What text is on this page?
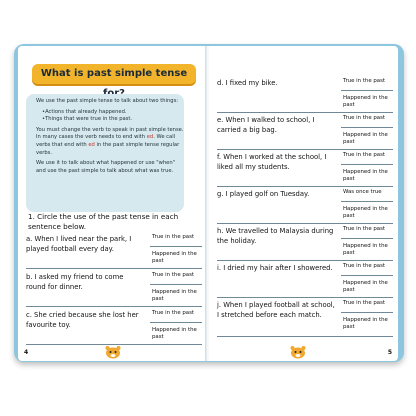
What is past simple tense

We use the past simple tense to talk about two things:

• Actions that already happened.
• Things that were true in the past.

You must change the verb to speak in past simple tense. In many cases the verb needs to end with ed. We call verbs that end with ed in the past simple tense regular verbs.

We use it to talk about what happened or use "when" and use the past simple to talk about what was true.

1. Circle the use of the past tense in each sentence below.
a. When I lived near the park, I played football every day.
True in the past
Happened in the past
b. I asked my friend to come round for dinner.
True in the past
Happened in the past
c. She cried because she lost her favourite toy.
True in the past
Happened in the past
4
d. I fixed my bike.	True in the past
Happened in the past
e. When I walked to school, I carried a big bag.
True in the past
Happened in the past
f. When I worked at the school, I liked all my students.
True in the past
Happened in the past
g. I played golf on Tuesday.	Was once true
Happened in the past
h. We travelled to Malaysia during the holiday.
True in the past
Happened in the past
i. I dried my hair after I showered.	True in the past
Happened in the past
j. When I played football at school, I stretched before each match.
True in the past
Happened in the past
5
